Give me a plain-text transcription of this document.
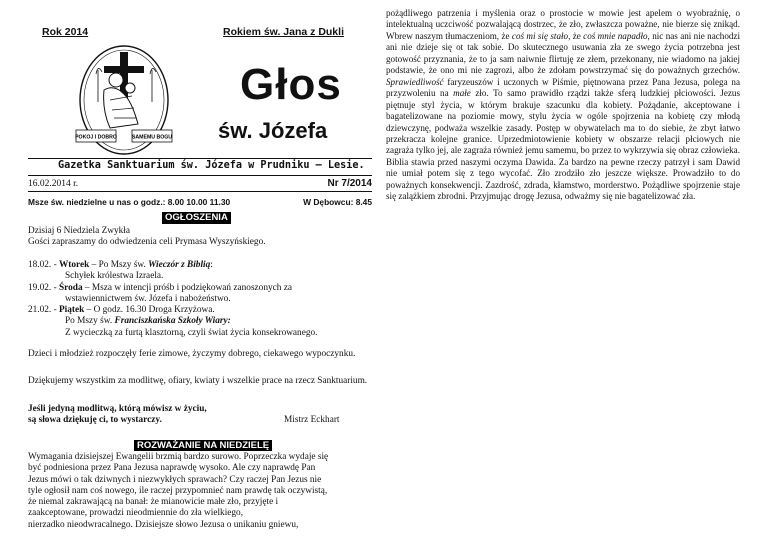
Rok 2014	Rokiem św. Jana z Dukli
POKOJ I DOBRO	SAMEMU BOGU
Głos
św. Józefa
Gazetka Sanktuarium św. Józefa w Prudniku – Lesie.
16.02.2014 r.	Nr 7/2014
Msze św. niedzielne u nas o godz.: 8.00 10.00 11.30	W Dębowcu: 8.45
OGŁOSZENIA

Dzisiaj 6 Niedziela Zwykła

Gości zapraszamy do odwiedzenia celi Prymasa Wyszyńskiego.

18.02. - Wtorek – Po Mszy św. Wieczór z Biblią:

Schyłek królestwa Izraela.

19.02. - Środa – Msza w intencji próśb i podziękowań zanoszonych za

wstawiennictwem św. Józefa i nabożeństwo.

21.02. - Piątek – O godz. 16.30 Droga Krzyżowa.

Po Mszy św. Franciszkańska Szkoły Wiary:

Z wycieczką za furtą klasztorną, czyli świat życia konsekrowanego.

Dzieci i młodzież rozpoczęły ferie zimowe, życzymy dobrego, ciekawego wypoczynku.
Dziękujemy wszystkim za modlitwę, ofiary, kwiaty i wszelkie prace na rzecz Sanktuarium.

Jeśli jedyną modlitwą, którą mówisz w życiu,

są słowa dziękuję ci, to wystarczy.	Mistrz Eckhart

ROZWAŻANIE NA NIEDZIELĘ

Wymagania dzisiejszej Ewangelii brzmią bardzo surowo. Poprzeczka wydaje się

być podniesiona przez Pana Jezusa naprawdę wysoko. Ale czy naprawdę Pan

Jezus mówi o tak dziwnych i niezwykłych sprawach? Czy raczej Pan Jezus nie

tyle ogłosił nam coś nowego, ile raczej przypomnieć nam prawdę tak oczywistą,

że niemal zakrawającą na banał: że mianowicie małe zło, przyjęte i

zaakceptowane, prowadzi nieodmiennie do zła wielkiego,

nierzadko nieodwracalnego. Dzisiejsze słowo Jezusa o unikaniu gniewu,

pożądliwego patrzenia i myślenia oraz o prostocie w mowie jest apelem o wyobraźnię, o intelektualną uczciwość pozwalającą dostrzec, że zło, zwłaszcza poważne, nie bierze się znikąd. Wbrew naszym tłumaczeniom, że coś mi się stało, że coś mnie napadło, nic nas ani nie nachodzi ani nie dzieje się ot tak sobie. Do skutecznego usuwania zła ze swego życia potrzebna jest gotowość przyznania, że to ja sam naiwnie flirtuję ze złem, przekonany, nie wiadomo na jakiej podstawie, że ono mi nie zagrozi, albo że zdołam powstrzymać się do poważnych grzechów. Sprawiedliwość faryzeuszów i uczonych w Piśmie, piętnowana przez Pana Jezusa, polega na przyzwoleniu na małe zło. To samo prawidło rządzi także sferą ludzkiej płciowości. Jezus piętnuje styl życia, w którym brakuje szacunku dla kobiety. Pożądanie, akceptowane i bagatelizowane na poziomie mowy, stylu życia w ogóle spojrzenia na kobietę czy młodą dziewczynę, podważa wszelkie zasady. Postęp w obywatelach ma to do siebie, że zbyt łatwo przekracza kolejne granice. Uprzedmiotowienie kobiety w obszarze relacji płciowych nie zagraża tylko jej, ale zagraża również jemu samemu, bo przez to wykrzywia się obraz człowieka. Biblia stawia przed naszymi oczyma Dawida. Za bardzo na pewne rzeczy patrzył i sam Dawid nie umiał potem się z tego wycofać. Zło zrodziło zło jeszcze większe. Prowadziło to do poważnych konsekwencji. Zazdrość, zdrada, kłamstwo, morderstwo. Pożądliwe spojrzenie staje się zalążkiem zbrodni. Przyjmując drogę Jezusa, odważmy się nie bagatelizować zła.
